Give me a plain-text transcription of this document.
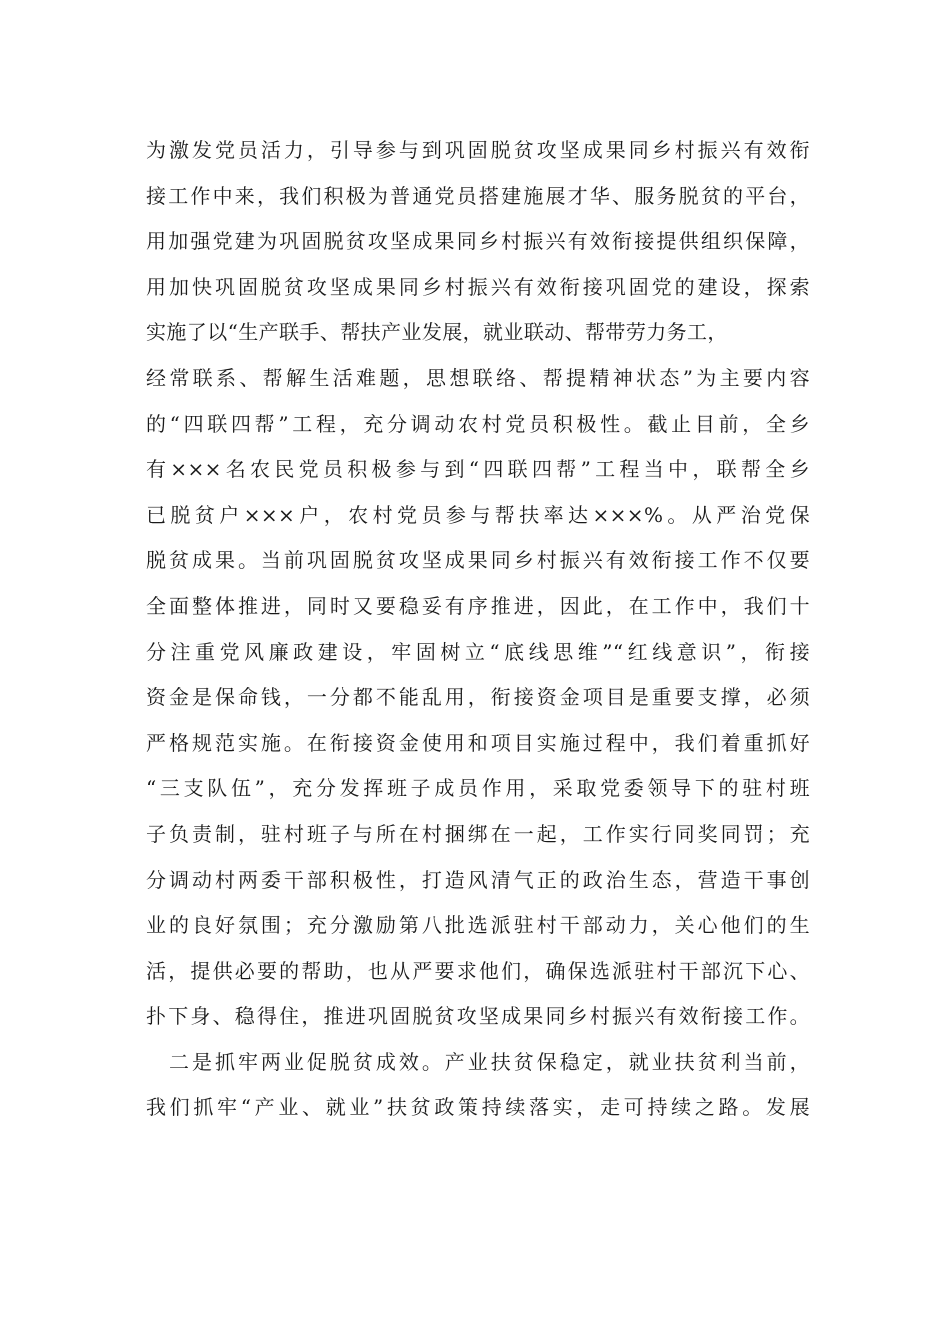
为激发党员活力，引导参与到巩固脱贫攻坚成果同乡村振兴有效衔
接工作中来，我们积极为普通党员搭建施展才华、服务脱贫的平台，
用加强党建为巩固脱贫攻坚成果同乡村振兴有效衔接提供组织保障，
用加快巩固脱贫攻坚成果同乡村振兴有效衔接巩固党的建设，探索
实施了以“生产联手、帮扶产业发展，就业联动、帮带劳力务工，
经常联系、帮解生活难题，思想联络、帮提精神状态”为主要内容
的“四联四帮”工程，充分调动农村党员积极性。截止目前，全乡
有×××名农民党员积极参与到“四联四帮”工程当中，联帮全乡
已脱贫户×××户，农村党员参与帮扶率达×××%。从严治党保
脱贫成果。当前巩固脱贫攻坚成果同乡村振兴有效衔接工作不仅要
全面整体推进，同时又要稳妥有序推进，因此，在工作中，我们十
分注重党风廉政建设，牢固树立“底线思维”“红线意识”，衔接
资金是保命钱，一分都不能乱用，衔接资金项目是重要支撑，必须
严格规范实施。在衔接资金使用和项目实施过程中，我们着重抓好
“三支队伍”，充分发挥班子成员作用，采取党委领导下的驻村班
子负责制，驻村班子与所在村捆绑在一起，工作实行同奖同罚；充
分调动村两委干部积极性，打造风清气正的政治生态，营造干事创
业的良好氛围；充分激励第八批选派驻村干部动力，关心他们的生
活，提供必要的帮助，也从严要求他们，确保选派驻村干部沉下心、
扑下身、稳得住，推进巩固脱贫攻坚成果同乡村振兴有效衔接工作。
　二是抓牢两业促脱贫成效。产业扶贫保稳定，就业扶贫利当前，
我们抓牢“产业、就业”扶贫政策持续落实，走可持续之路。发展
